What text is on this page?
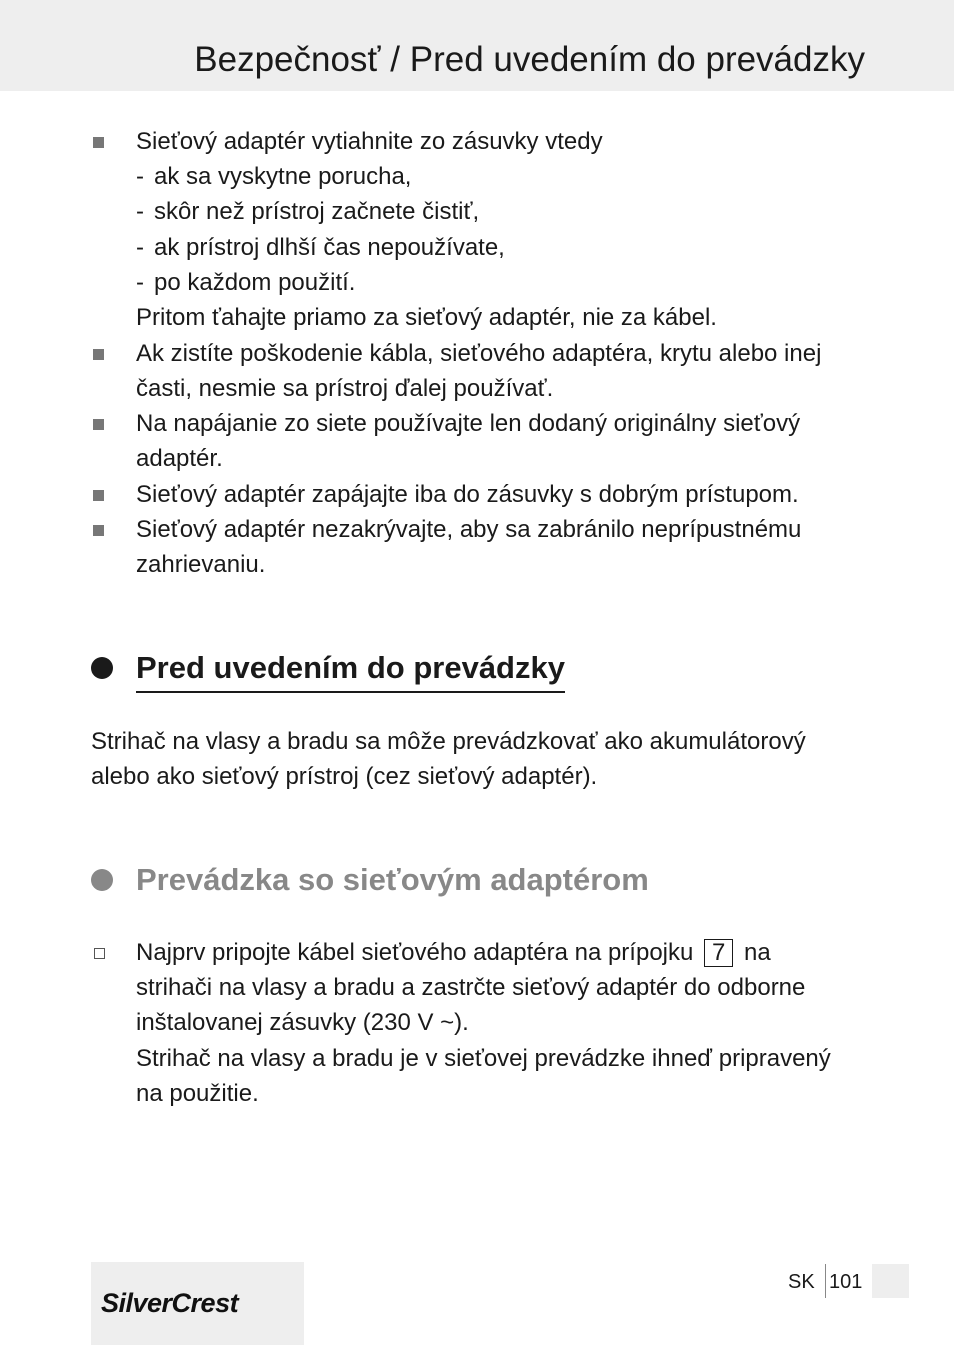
Bezpečnosť / Pred uvedením do prevádzky
Sieťový adaptér vytiahnite zo zásuvky vtedy
- ak sa vyskytne porucha,
- skôr než prístroj začnete čistiť,
- ak prístroj dlhší čas nepoužívate,
- po každom použití.
Pritom ťahajte priamo za sieťový adaptér, nie za kábel.
Ak zistíte poškodenie kábla, sieťového adaptéra, krytu alebo inej
časti, nesmie sa prístroj ďalej používať.
Na napájanie zo siete používajte len dodaný originálny sieťový
adaptér.
Sieťový adaptér zapájajte iba do zásuvky s dobrým prístupom.
Sieťový adaptér nezakrývajte, aby sa zabránilo neprípustnému
zahrievaniu.
Pred uvedením do prevádzky
Strihač na vlasy a bradu sa môže prevádzkovať ako akumulátorový
alebo ako sieťový prístroj (cez sieťový adaptér).
Prevádzka so sieťovým adaptérom
Najprv pripojte kábel sieťového adaptéra na prípojku 7 na
strihači na vlasy a bradu a zastrčte sieťový adaptér do odborne
inštalovanej zásuvky (230 V ~).
Strihač na vlasy a bradu je v sieťovej prevádzke ihneď pripravený
na použitie.
SilverCrest
SK 101
